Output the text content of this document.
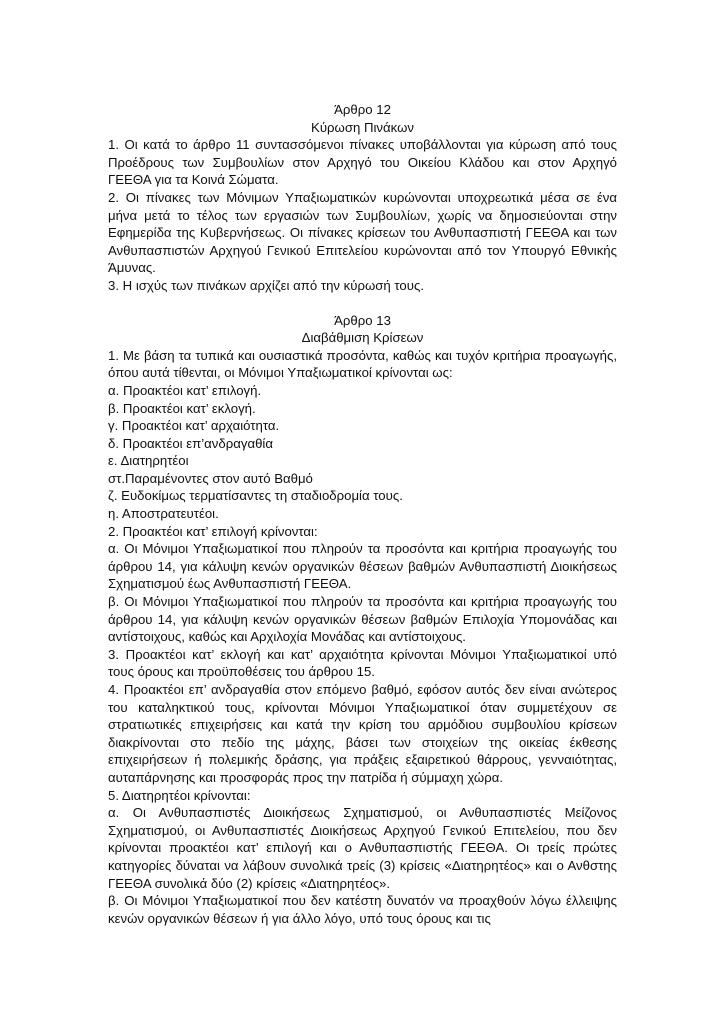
Άρθρο 12
Κύρωση Πινάκων
1. Οι κατά το άρθρο 11 συντασσόμενοι πίνακες υποβάλλονται για κύρωση από τους Προέδρους των Συμβουλίων στον Αρχηγό του Οικείου Κλάδου και στον Αρχηγό ΓΕΕΘΑ για τα Κοινά Σώματα.
2. Οι πίνακες των Μόνιμων Υπαξιωματικών κυρώνονται υποχρεωτικά μέσα σε ένα μήνα μετά το τέλος των εργασιών των Συμβουλίων, χωρίς να δημοσιεύονται στην Εφημερίδα της Κυβερνήσεως. Οι πίνακες κρίσεων του Ανθυπασπιστή ΓΕΕΘΑ και των Ανθυπασπιστών Αρχηγού Γενικού Επιτελείου κυρώνονται από τον Υπουργό Εθνικής Άμυνας.
3. Η ισχύς των πινάκων αρχίζει από την κύρωσή τους.
Άρθρο 13
Διαβάθμιση Κρίσεων
1. Με βάση τα τυπικά και ουσιαστικά προσόντα, καθώς και τυχόν κριτήρια προαγωγής, όπου αυτά τίθενται, οι Μόνιμοι Υπαξιωματικοί κρίνονται ως:
α. Προακτέοι κατ’ επιλογή.
β. Προακτέοι κατ’ εκλογή.
γ. Προακτέοι κατ’ αρχαιότητα.
δ. Προακτέοι επ’ανδραγαθία
ε. Διατηρητέοι
στ.Παραμένοντες στον αυτό Βαθμό
ζ. Ευδοκίμως τερματίσαντες τη σταδιοδρομία τους.
η. Αποστρατευτέοι.
2. Προακτέοι κατ’ επιλογή κρίνονται:
α. Οι Μόνιμοι Υπαξιωματικοί που πληρούν τα προσόντα και κριτήρια προαγωγής του άρθρου 14, για κάλυψη κενών οργανικών θέσεων βαθμών Ανθυπασπιστή Διοικήσεως Σχηματισμού έως Ανθυπασπιστή ΓΕΕΘΑ.
β. Οι Μόνιμοι Υπαξιωματικοί που πληρούν τα προσόντα και κριτήρια προαγωγής του άρθρου 14, για κάλυψη κενών οργανικών θέσεων βαθμών Επιλοχία Υπομονάδας και αντίστοιχους, καθώς και Αρχιλοχία Μονάδας και αντίστοιχους.
3. Προακτέοι κατ’ εκλογή και κατ’ αρχαιότητα κρίνονται Μόνιμοι Υπαξιωματικοί υπό τους όρους και προϋποθέσεις του άρθρου 15.
4. Προακτέοι επ’ ανδραγαθία στον επόμενο βαθμό, εφόσον αυτός δεν είναι ανώτερος του καταληκτικού τους, κρίνονται Μόνιμοι Υπαξιωματικοί όταν συμμετέχουν σε στρατιωτικές επιχειρήσεις και κατά την κρίση του αρμόδιου συμβουλίου κρίσεων διακρίνονται στο πεδίο της μάχης, βάσει των στοιχείων της οικείας έκθεσης επιχειρήσεων ή πολεμικής δράσης, για πράξεις εξαιρετικού θάρρους, γενναιότητας, αυταπάρνησης και προσφοράς προς την πατρίδα ή σύμμαχη χώρα.
5. Διατηρητέοι κρίνονται:
α. Οι Ανθυπασπιστές Διοικήσεως Σχηματισμού, οι Ανθυπασπιστές Μείζονος Σχηματισμού, οι Ανθυπασπιστές Διοικήσεως Αρχηγού Γενικού Επιτελείου, που δεν κρίνονται προακτέοι κατ’ επιλογή και ο Ανθυπασπιστής ΓΕΕΘΑ. Οι τρείς πρώτες κατηγορίες δύναται να λάβουν συνολικά τρείς (3) κρίσεις «Διατηρητέος» και ο Ανθστης ΓΕΕΘΑ συνολικά δύο (2) κρίσεις «Διατηρητέος».
β. Οι Μόνιμοι Υπαξιωματικοί που δεν κατέστη δυνατόν να προαχθούν λόγω έλλειψης κενών οργανικών θέσεων ή για άλλο λόγο, υπό τους όρους και τις
